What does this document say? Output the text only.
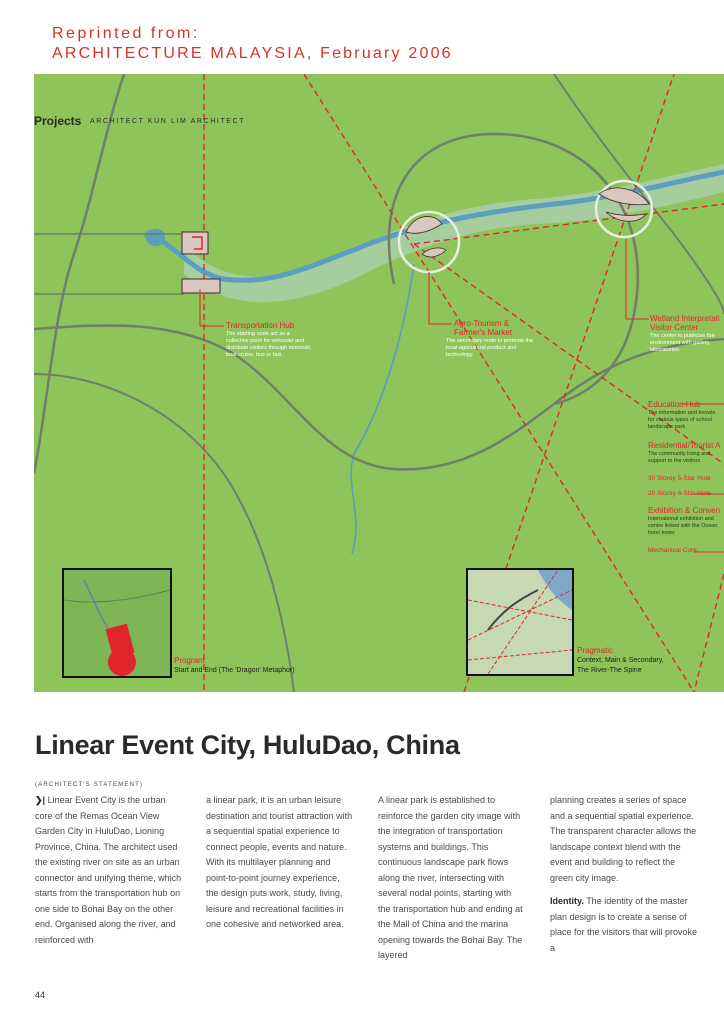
Reprinted from:
ARCHITECTURE MALAYSIA, February 2006
Projects ARCHITECT KUN LIM ARCHITECT
Transportation Hub
The starting node act as a
collective point for vehicular and
distribute visitors through monorail,
boat cruise, bus or taxi.
Agro-Tourism &
Farmer's Market
The secondary node to promote the
local agricultural product and
technology.
Wetland Interpretati
Visitor Center
The center to publicise the
environment with gallery,
laboratories.
Education Hub
The information and knowle
for various types of school
landscape park
Residential/Tourist A
The community living and
support to the visitors
30 Storey 5-Star Hote
20 Storey 4-Star Hote
Exhibition & Conven
International exhibition and
centre linked with the Ocean
hotel tower
Mechanical Core
Program
Start and End (The 'Dragon' Metaphor)
Pragmatic
Context, Main & Secondary,
The River-The Spine
Linear Event City, HuluDao, China
(ARCHITECT'S STATEMENT)
❯| Linear Event City is the urban core of the Remas Ocean View Garden City in HuluDao, Lioning Province, China. The architect used the existing river on site as an urban connector and unifying theme, which starts from the transportation hub on one side to Bohai Bay on the other end. Organised along the river, and reinforced with
a linear park, it is an urban leisure destination and tourist attraction with a sequential spatial experience to connect people, events and nature. With its multilayer planning and point-to-point journey experience, the design puts work, study, living, leisure and recreational facilities in one cohesive and networked area.
A linear park is established to reinforce the garden city image with the integration of transportation systems and buildings. This continuous landscape park flows along the river, intersecting with several nodal points, starting with the transportation hub and ending at the Mall of China and the marina opening towards the Bohai Bay. The layered
planning creates a series of space and a sequential spatial experience. The transparent character allows the landscape context blend with the event and building to reflect the green city image.
Identity. The identity of the master plan design is to create a sense of place for the visitors that will provoke a
44
